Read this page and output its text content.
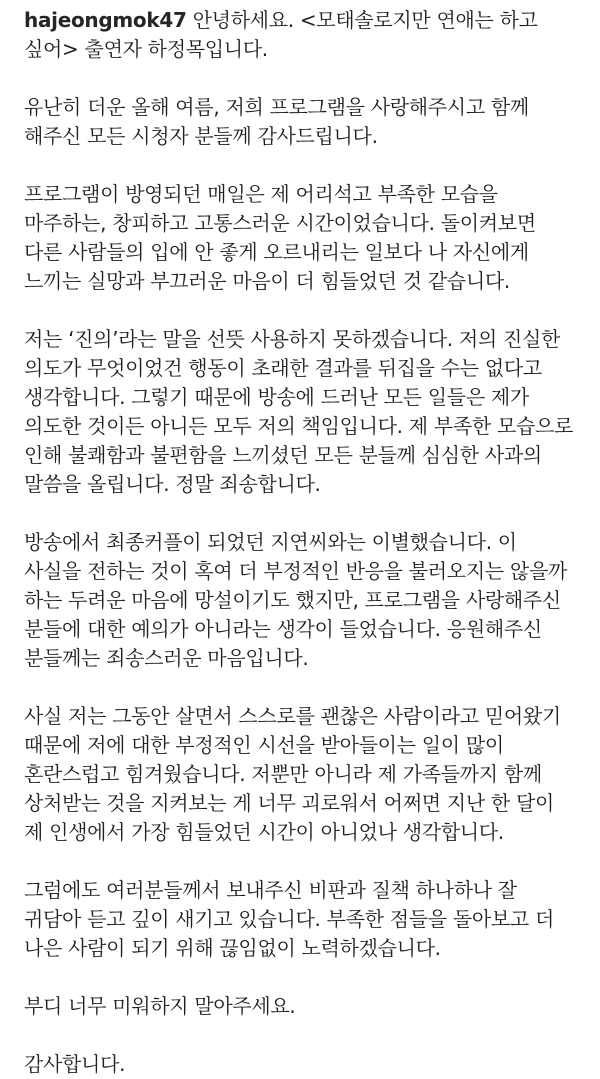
hajeongmok47 안녕하세요. <모태솔로지만 연애는 하고 싶어> 출연자 하정목입니다.
유난히 더운 올해 여름, 저희 프로그램을 사랑해주시고 함께 해주신 모든 시청자 분들께 감사드립니다.
프로그램이 방영되던 매일은 제 어리석고 부족한 모습을 마주하는, 창피하고 고통스러운 시간이었습니다. 돌이켜보면 다른 사람들의 입에 안 좋게 오르내리는 일보다 나 자신에게 느끼는 실망과 부끄러운 마음이 더 힘들었던 것 같습니다.
저는 ‘진의’라는 말을 선뜻 사용하지 못하겠습니다. 저의 진실한 의도가 무엇이었건 행동이 초래한 결과를 뒤집을 수는 없다고 생각합니다. 그렇기 때문에 방송에 드러난 모든 일들은 제가 의도한 것이든 아니든 모두 저의 책임입니다. 제 부족한 모습으로 인해 불쾌함과 불편함을 느끼셨던 모든 분들께 심심한 사과의 말씀을 올립니다. 정말 죄송합니다.
방송에서 최종커플이 되었던 지연씨와는 이별했습니다. 이 사실을 전하는 것이 혹여 더 부정적인 반응을 불러오지는 않을까 하는 두려운 마음에 망설이기도 했지만, 프로그램을 사랑해주신 분들에 대한 예의가 아니라는 생각이 들었습니다. 응원해주신 분들께는 죄송스러운 마음입니다.
사실 저는 그동안 살면서 스스로를 괜찮은 사람이라고 믿어왔기 때문에 저에 대한 부정적인 시선을 받아들이는 일이 많이 혼란스럽고 힘겨웠습니다. 저뿐만 아니라 제 가족들까지 함께 상처받는 것을 지켜보는 게 너무 괴로워서 어쩌면 지난 한 달이 제 인생에서 가장 힘들었던 시간이 아니었나 생각합니다.
그럼에도 여러분들께서 보내주신 비판과 질책 하나하나 잘 귀담아 듣고 깊이 새기고 있습니다. 부족한 점들을 돌아보고 더 나은 사람이 되기 위해 끊임없이 노력하겠습니다.
부디 너무 미워하지 말아주세요.
감사합니다.
